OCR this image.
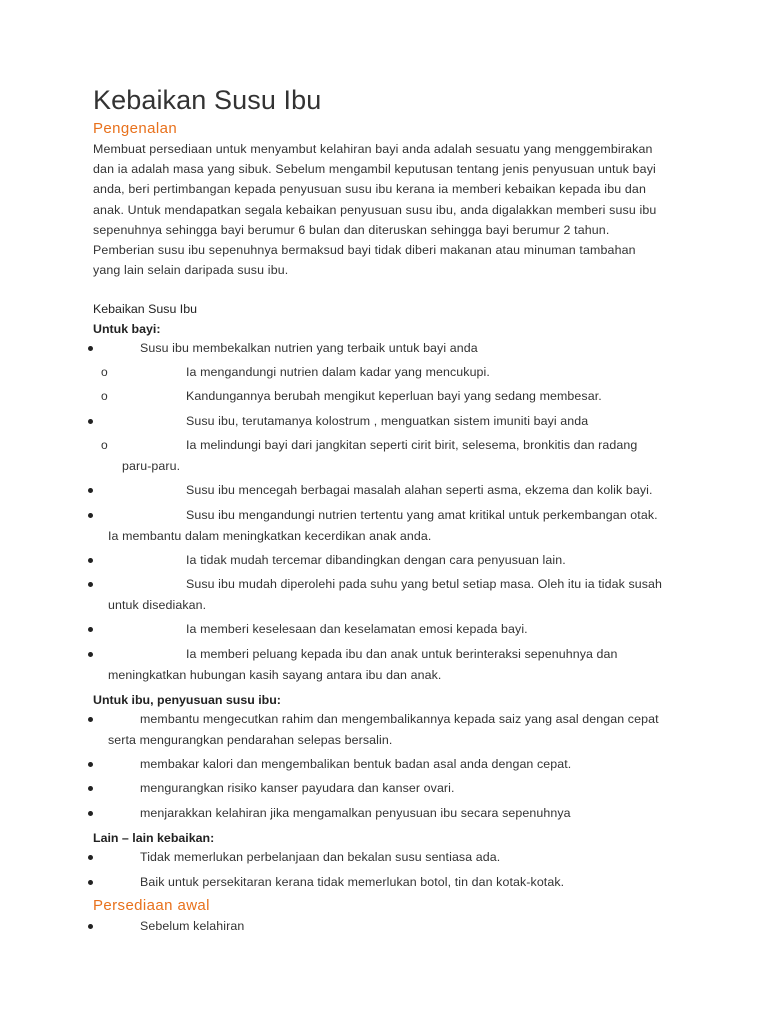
Kebaikan Susu Ibu
Pengenalan
Membuat persediaan untuk menyambut kelahiran bayi anda adalah sesuatu yang menggembirakan
dan ia adalah masa yang sibuk. Sebelum mengambil keputusan tentang jenis penyusuan untuk bayi
anda, beri pertimbangan kepada penyusuan susu ibu kerana ia memberi kebaikan kepada ibu dan
anak. Untuk mendapatkan segala kebaikan penyusuan susu ibu, anda digalakkan memberi susu ibu
sepenuhnya sehingga bayi berumur 6 bulan dan diteruskan sehingga bayi berumur 2 tahun.
Pemberian susu ibu sepenuhnya bermaksud bayi tidak diberi makanan atau minuman tambahan
yang lain selain daripada susu ibu.
Kebaikan Susu Ibu
Untuk bayi:
Susu ibu membekalkan nutrien yang terbaik untuk bayi anda
o	Ia mengandungi nutrien dalam kadar yang mencukupi.
o	Kandungannya berubah mengikut keperluan bayi yang sedang membesar.
Susu ibu, terutamanya kolostrum , menguatkan sistem imuniti bayi anda
o	Ia melindungi bayi dari jangkitan seperti cirit birit, selesema, bronkitis dan radang
paru-paru.
Susu ibu mencegah berbagai masalah alahan seperti asma, ekzema dan kolik bayi.
Susu ibu mengandungi nutrien tertentu yang amat kritikal untuk perkembangan otak.
Ia membantu dalam meningkatkan kecerdikan anak anda.
Ia tidak mudah tercemar dibandingkan dengan cara penyusuan lain.
Susu ibu mudah diperolehi pada suhu yang betul setiap masa. Oleh itu ia tidak susah
untuk disediakan.
Ia memberi keselesaan dan keselamatan emosi kepada bayi.
Ia memberi peluang kepada ibu dan anak untuk berinteraksi sepenuhnya dan
meningkatkan hubungan kasih sayang antara ibu dan anak.
Untuk ibu, penyusuan susu ibu:
membantu mengecutkan rahim dan mengembalikannya kepada saiz yang asal dengan cepat
serta mengurangkan pendarahan selepas bersalin.
membakar kalori dan mengembalikan bentuk badan asal anda dengan cepat.
mengurangkan risiko kanser payudara dan kanser ovari.
menjarakkan kelahiran jika mengamalkan penyusuan ibu secara sepenuhnya
Lain – lain kebaikan:
Tidak memerlukan perbelanjaan dan bekalan susu sentiasa ada.
Baik untuk persekitaran kerana tidak memerlukan botol, tin dan kotak-kotak.
Persediaan awal
Sebelum kelahiran
